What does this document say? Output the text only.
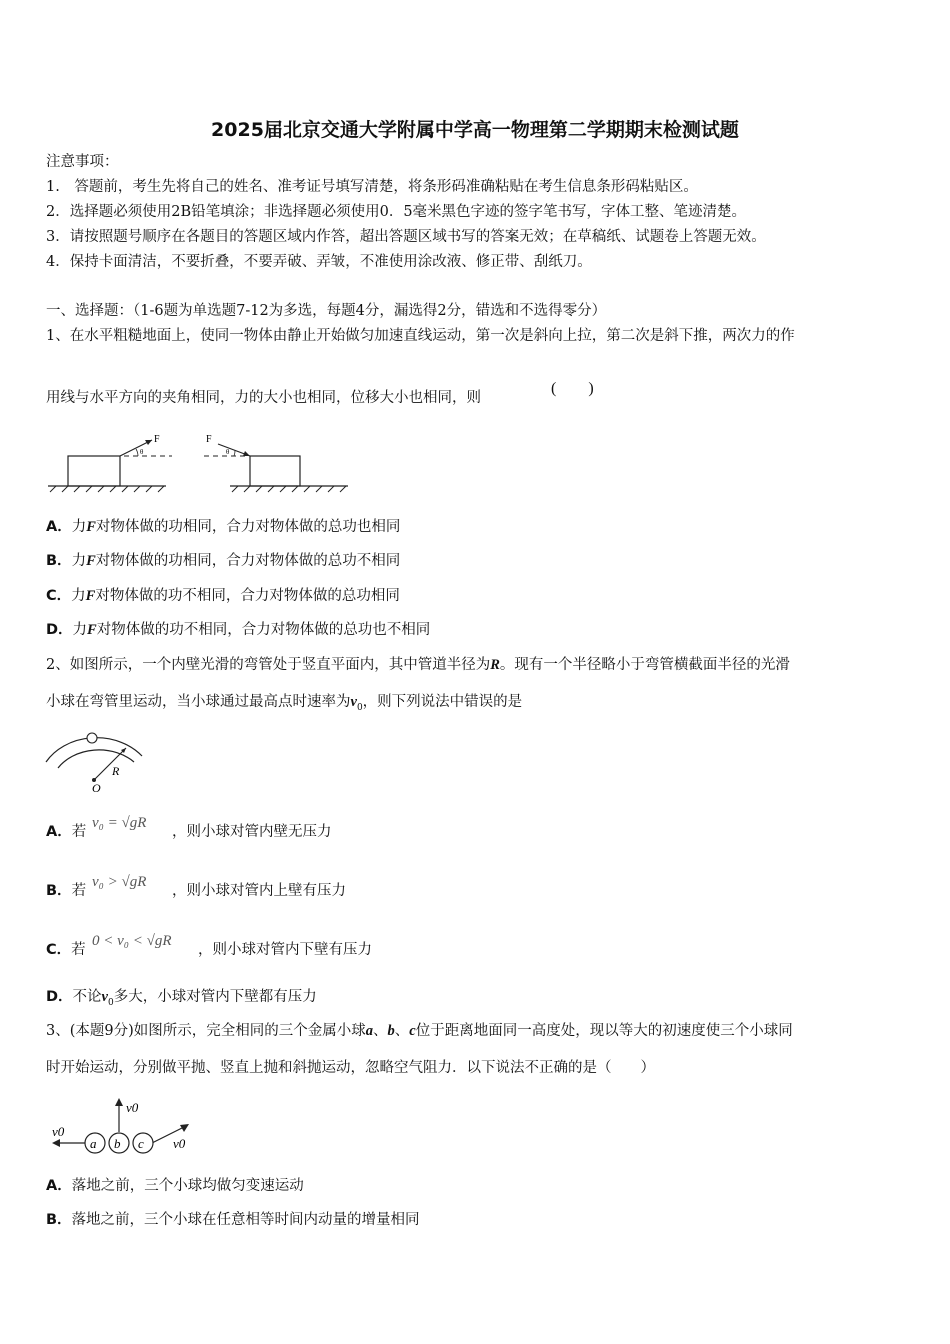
2025届北京交通大学附属中学高一物理第二学期期末检测试题
注意事项：
1.　答题前，考生先将自己的姓名、准考证号填写清楚，将条形码准确粘贴在考生信息条形码粘贴区。
2．选择题必须使用2B铅笔填涂；非选择题必须使用0．5毫米黑色字迹的签字笔书写，字体工整、笔迹清楚。
3．请按照题号顺序在各题目的答题区域内作答，超出答题区域书写的答案无效；在草稿纸、试题卷上答题无效。
4．保持卡面清洁，不要折叠，不要弄破、弄皱，不准使用涂改液、修正带、刮纸刀。
一、选择题：（1-6题为单选题7-12为多选，每题4分，漏选得2分，错选和不选得零分）
1、在水平粗糙地面上，使同一物体由静止开始做匀加速直线运动，第一次是斜向上拉，第二次是斜下推，两次力的作
用线与水平方向的夹角相同，力的大小也相同，位移大小也相同，则
(　　)
F
θ
F
θ
A．力F对物体做的功相同，合力对物体做的总功也相同
B．力F对物体做的功相同，合力对物体做的总功不相同
C．力F对物体做的功不相同，合力对物体做的总功相同
D．力F对物体做的功不相同，合力对物体做的总功也不相同
2、如图所示，一个内壁光滑的弯管处于竖直平面内，其中管道半径为R。现有一个半径略小于弯管横截面半径的光滑
小球在弯管里运动，当小球通过最高点时速率为$v_0$，则下列说法中错误的是
R
O
A．若
v₀ = √gR
，则小球对管内壁无压力
B．若
v₀ > √gR
，则小球对管内上壁有压力
C．若
0 < v₀ < √gR
，则小球对管内下壁有压力
D．不论$v_0$多大，小球对管内下壁都有压力
3、(本题9分)如图所示，完全相同的三个金属小球a、b、c位于距离地面同一高度处，现以等大的初速度使三个小球同
时开始运动，分别做平抛、竖直上抛和斜抛运动，忽略空气阻力．以下说法不正确的是（　　）
v0
v0
v0
a b c
A．落地之前，三个小球均做匀变速运动
B．落地之前，三个小球在任意相等时间内动量的增量相同
